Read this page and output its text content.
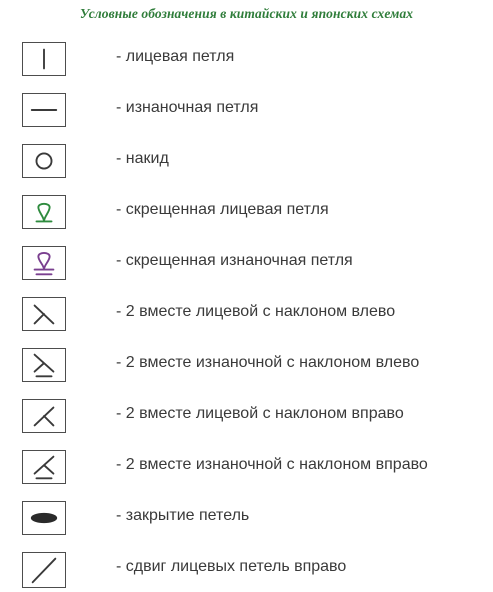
Условные обозначения в китайских и японских схемах
- лицевая петля
- изнаночная петля
- накид
- скрещенная лицевая петля
- скрещенная изнаночная петля
- 2 вместе лицевой с наклоном влево
- 2 вместе изнаночной с наклоном влево
- 2 вместе лицевой с наклоном вправо
- 2 вместе изнаночной с наклоном вправо
- закрытие петель
- сдвиг лицевых петель вправо
